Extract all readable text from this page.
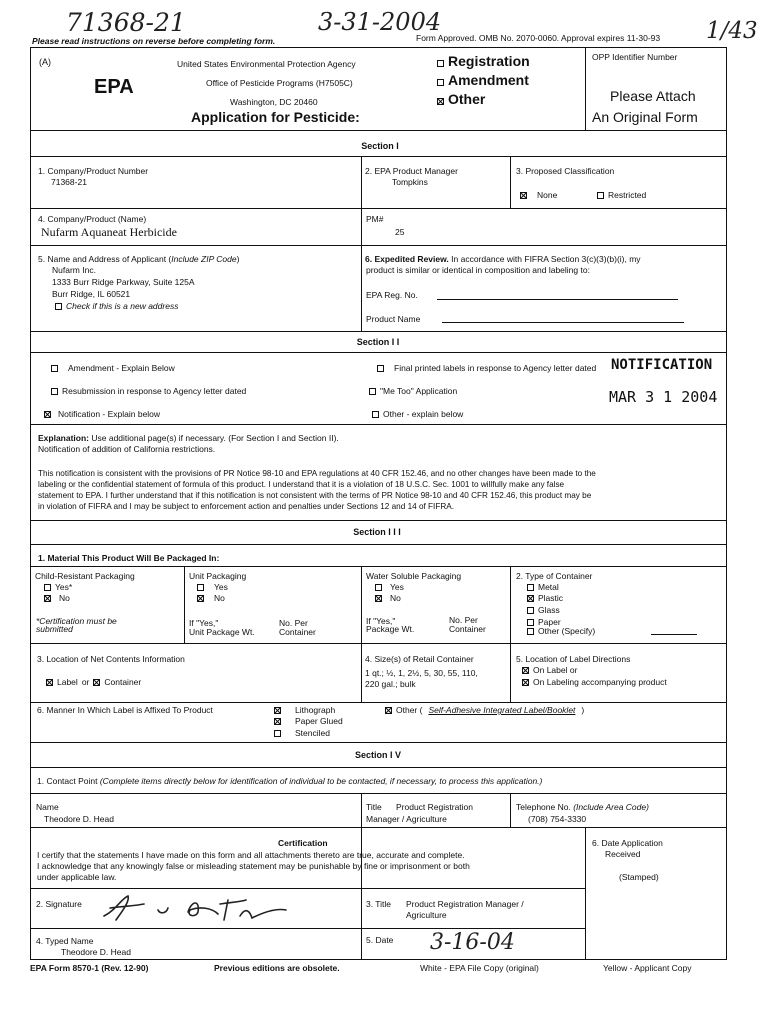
71368-21	3-31-2004	1/43
Please read instructions on reverse before completing form.	Form Approved. OMB No. 2070-0060. Approval expires 11-30-93
(A)
EPA
United States Environmental Protection Agency
Office of Pesticide Programs (H7505C)
Washington, DC 20460
Application for Pesticide:
Registration
Amendment
Other
OPP Identifier Number
Please Attach
An Original Form
Section I
1. Company/Product Number
71368-21
2. EPA Product Manager
Tompkins
3. Proposed Classification
None	Restricted
4. Company/Product (Name)
Nufarm Aquaneat Herbicide
PM#
25
5. Name and Address of Applicant (Include ZIP Code)
Nufarm Inc.
1333 Burr Ridge Parkway, Suite 125A
Burr Ridge, IL 60521
Check if this is a new address
6. Expedited Review. In accordance with FIFRA Section 3(c)(3)(b)(i), my
product is similar or identical in composition and labeling to:
EPA Reg. No.
Product Name
Section I I
Amendment - Explain Below
Resubmission in response to Agency letter dated
Notification - Explain below
Final printed labels in response to Agency letter dated
"Me Too" Application
Other - explain below
NOTIFICATION
MAR 3 1 2004
Explanation: Use additional page(s) if necessary. (For Section I and Section II).
Notification of addition of California restrictions.
This notification is consistent with the provisions of PR Notice 98-10 and EPA regulations at 40 CFR 152.46, and no other changes have been made to the
labeling or the confidential statement of formula of this product. I understand that it is a violation of 18 U.S.C. Sec. 1001 to willfully make any false
statement to EPA. I further understand that if this notification is not consistent with the terms of PR Notice 98-10 and 40 CFR 152.46, this product may be
in violation of FIFRA and I may be subject to enforcement action and penalties under Sections 12 and 14 of FIFRA.
Section I I I
1. Material This Product Will Be Packaged In:
Child-Resistant Packaging
Yes*
No
*Certification must be
submitted
Unit Packaging
Yes
No
If "Yes,"
Unit Package Wt.
No. Per
Container
Water Soluble Packaging
Yes
No
If "Yes,"
Package Wt.
No. Per
Container
2. Type of Container
Metal
Plastic
Glass
Paper
Other (Specify)
3. Location of Net Contents Information
Label or Container
4. Size(s) of Retail Container
1 qt.; ½, 1, 2½, 5, 30, 55, 110,
220 gal.; bulk
5. Location of Label Directions
On Label or
On Labeling accompanying product
6. Manner In Which Label is Affixed To Product	Lithograph
Paper Glued
Stenciled
Other ( Self-Adhesive Integrated Label/Booklet )
Section I V
1. Contact Point (Complete items directly below for identification of individual to be contacted, if necessary, to process this application.)
Name
Theodore D. Head
Title Product Registration
Manager / Agriculture
Telephone No. (Include Area Code)
(708) 754-3330
Certification
I certify that the statements I have made on this form and all attachments thereto are true, accurate and complete.
I acknowledge that any knowingly false or misleading statement may be punishable by fine or imprisonment or both
under applicable law.
6. Date Application
Received
(Stamped)
2. Signature	3. Title Product Registration Manager /
Agriculture
4. Typed Name
Theodore D. Head
5. Date 3-16-04
EPA Form 8570-1 (Rev. 12-90)	Previous editions are obsolete.	White - EPA File Copy (original)	Yellow - Applicant Copy
